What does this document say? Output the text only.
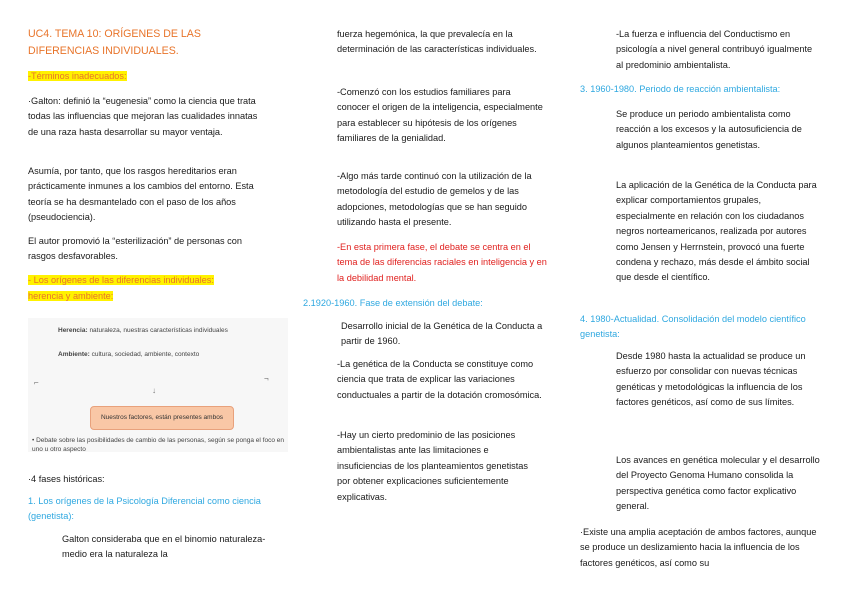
UC4. TEMA 10: ORÍGENES DE LAS

DIFERENCIAS INDIVIDUALES.

-Términos inadecuados:

·Galton: definió la “eugenesia” como la ciencia que trata todas las influencias que mejoran las cualidades innatas de una raza hasta desarrollar su mayor ventaja.

Asumía, por tanto, que los rasgos hereditarios eran prácticamente inmunes a los cambios del entorno. Esta teoría se ha desmantelado con el paso de los años (pseudociencia).

El autor promovió la “esterilización” de personas con rasgos desfavorables.

- Los orígenes de las diferencias individuales:

herencia y ambiente:

Herencia: naturaleza, nuestras características individuales
Ambiente: cultura, sociedad, ambiente, contexto
⌐
↓
¬
Nuestros factores, están presentes ambos
• Debate sobre las posibilidades de cambio de las personas, según se ponga el foco en uno u otro aspecto

·4 fases históricas:

1. Los orígenes de la Psicología Diferencial como ciencia (genetista):

Galton consideraba que en el binomio naturaleza-medio era la naturaleza la

fuerza hegemónica, la que prevalecía en la determinación de las características individuales.

-Comenzó con los estudios familiares para conocer el origen de la inteligencia, especialmente para establecer su hipótesis de los orígenes familiares de la genialidad.

-Algo más tarde continuó con la utilización de la metodología del estudio de gemelos y de las adopciones, metodologías que se han seguido utilizando hasta el presente.

-En esta primera fase, el debate se centra en el tema de las diferencias raciales en inteligencia y en la debilidad mental.

2.1920-1960. Fase de extensión del debate:

Desarrollo inicial de la Genética de la Conducta a partir de 1960.

-La genética de la Conducta se constituye como ciencia que trata de explicar las variaciones conductuales a partir de la dotación cromosómica.

-Hay un cierto predominio de las posiciones ambientalistas ante las limitaciones e insuficiencias de los planteamientos genetistas por obtener explicaciones suficientemente explicativas.

-La fuerza e influencia del Conductismo en psicología a nivel general contribuyó igualmente al predominio ambientalista.

3. 1960-1980. Periodo de reacción ambientalista:

Se produce un periodo ambientalista como reacción a los excesos y la autosuficiencia de algunos planteamientos genetistas.

La aplicación de la Genética de la Conducta para explicar comportamientos grupales, especialmente en relación con los ciudadanos negros norteamericanos, realizada por autores como Jensen y Herrnstein, provocó una fuerte condena y rechazo, más desde el ámbito social que desde el científico.

4. 1980-Actualidad. Consolidación del modelo científico genetista:

Desde 1980 hasta la actualidad se produce un esfuerzo por consolidar con nuevas técnicas genéticas y metodológicas la influencia de los factores genéticos, así como de sus límites.

Los avances en genética molecular y el desarrollo del Proyecto Genoma Humano consolida la perspectiva genética como factor explicativo general.

·Existe una amplia aceptación de ambos factores, aunque se produce un deslizamiento hacia la influencia de los factores genéticos, así como su
